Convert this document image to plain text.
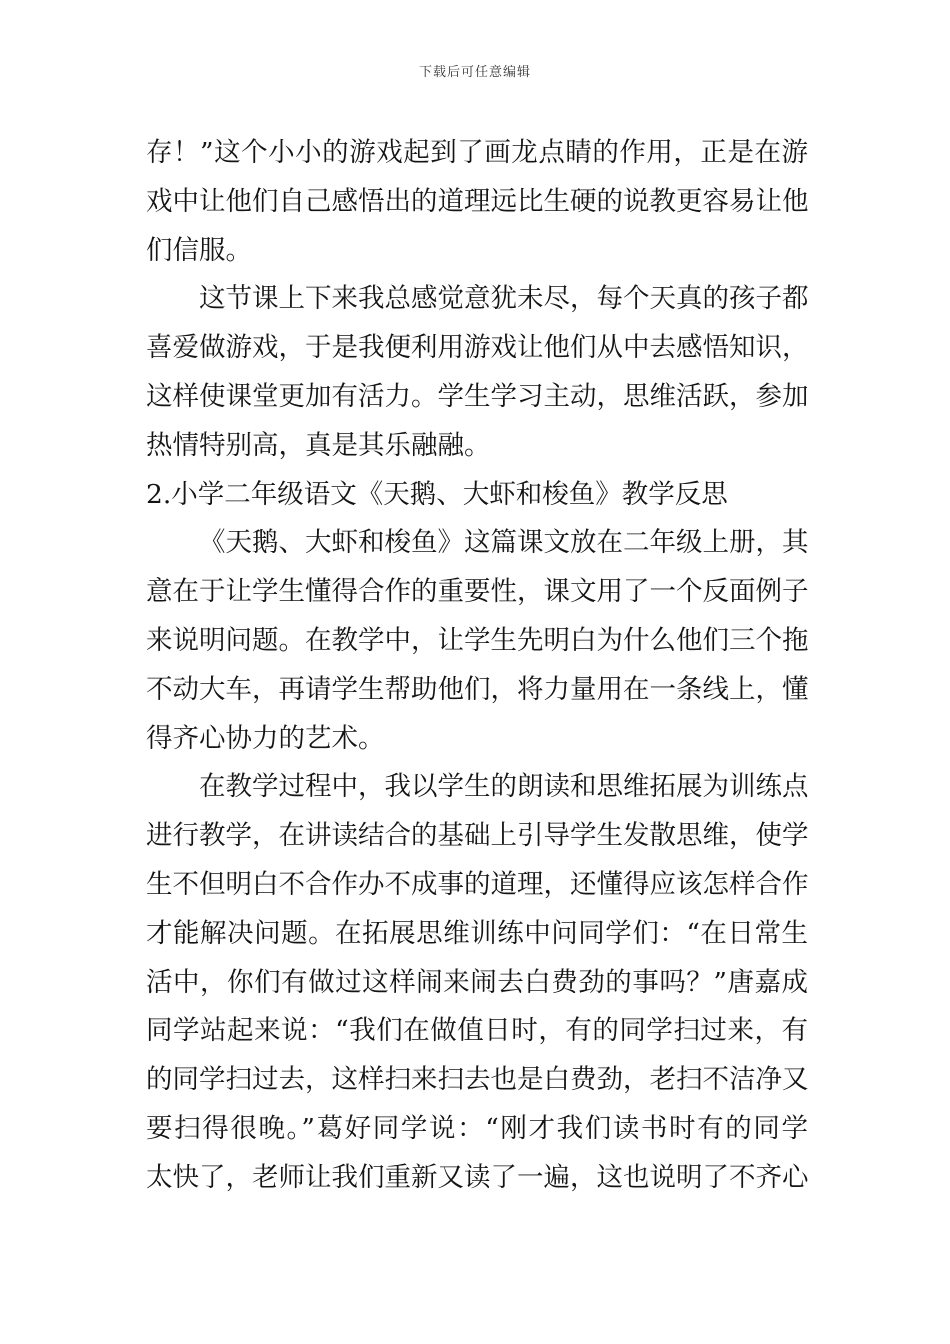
下载后可任意编辑
存！”这个小小的游戏起到了画龙点睛的作用，正是在游
戏中让他们自己感悟出的道理远比生硬的说教更容易让他
们信服。
这节课上下来我总感觉意犹未尽，每个天真的孩子都
喜爱做游戏，于是我便利用游戏让他们从中去感悟知识，
这样使课堂更加有活力。学生学习主动，思维活跃，参加
热情特别高，真是其乐融融。
2.小学二年级语文《天鹅、大虾和梭鱼》教学反思
《天鹅、大虾和梭鱼》这篇课文放在二年级上册，其
意在于让学生懂得合作的重要性，课文用了一个反面例子
来说明问题。在教学中，让学生先明白为什么他们三个拖
不动大车，再请学生帮助他们，将力量用在一条线上，懂
得齐心协力的艺术。
在教学过程中，我以学生的朗读和思维拓展为训练点
进行教学，在讲读结合的基础上引导学生发散思维，使学
生不但明白不合作办不成事的道理，还懂得应该怎样合作
才能解决问题。在拓展思维训练中问同学们：“在日常生
活中，你们有做过这样闹来闹去白费劲的事吗？”唐嘉成
同学站起来说：“我们在做值日时，有的同学扫过来，有
的同学扫过去，这样扫来扫去也是白费劲，老扫不洁净又
要扫得很晚。”葛好同学说：“刚才我们读书时有的同学
太快了，老师让我们重新又读了一遍，这也说明了不齐心
